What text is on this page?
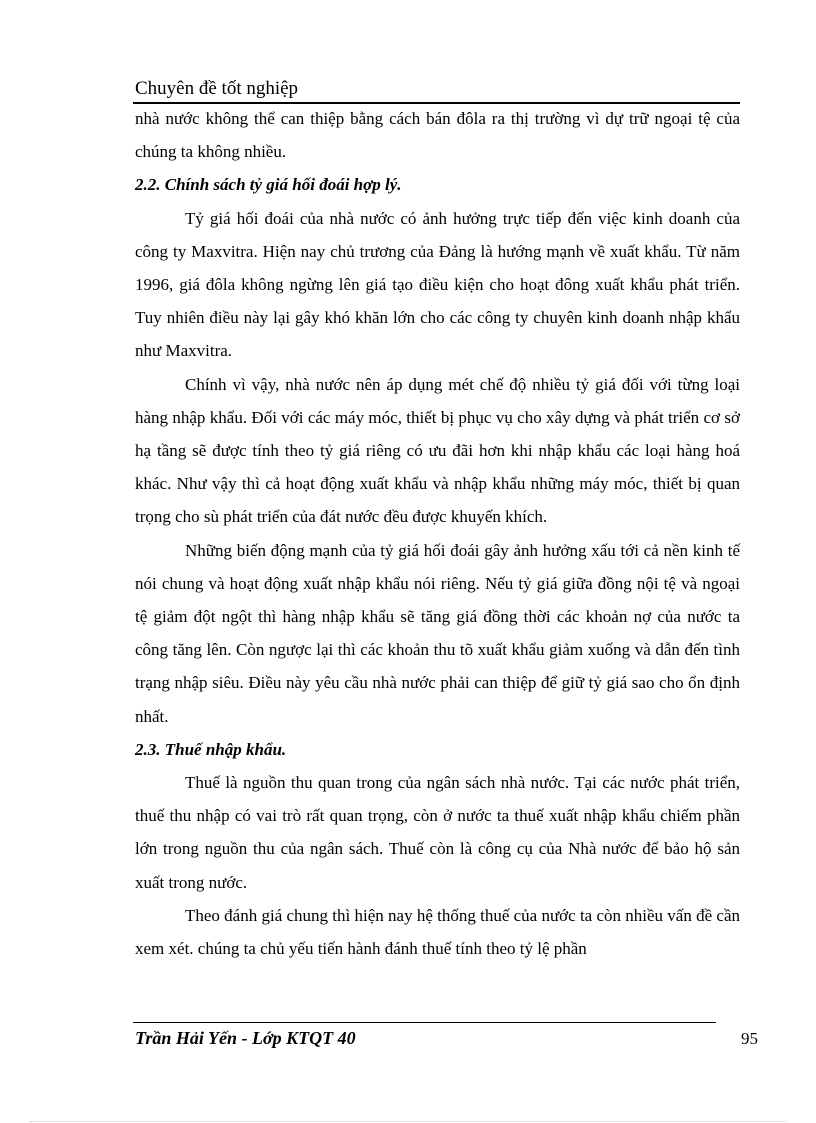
Chuyên đề tốt nghiệp

nhà nước không thể can thiệp bằng cách bán đôla ra thị trường vì dự trữ ngoại tệ của chúng ta không nhiều.

2.2. Chính sách tỷ giá hối đoái hợp lý.

Tỷ giá hối đoái của nhà nước có ảnh hưởng trực tiếp đến việc kinh doanh của công ty Maxvitra. Hiện nay chủ trương của Đảng là hướng mạnh về xuất khẩu. Từ năm 1996, giá đôla không ngừng lên giá tạo điều kiện cho hoạt đông xuất khẩu phát triển. Tuy nhiên điều này lại gây khó khăn lớn cho các công ty chuyên kinh doanh nhập khẩu như Maxvitra.

Chính vì vậy, nhà nước nên áp dụng mét chế độ nhiều tỷ giá đối với từng loại hàng nhập khẩu. Đối với các máy móc, thiết bị phục vụ cho xây dựng và phát triển cơ sở hạ tầng sẽ được tính theo tỷ giá riêng có ưu đãi hơn khi nhập khẩu các loại hàng hoá khác. Như vậy thì cả hoạt động xuất khẩu và nhập khẩu những máy móc, thiết bị quan trọng cho sù phát triển của đát nước đều được khuyến khích.

Những biến động mạnh của tỷ giá hối đoái gây ảnh hưởng xấu tới cả nền kinh tế nói chung và hoạt động xuất nhập khẩu nói riêng. Nếu tỷ giá giữa đồng nội tệ và ngoại tệ giảm đột ngột thì hàng nhập khẩu sẽ tăng giá đồng thời các khoản nợ của nước ta công tăng lên. Còn ngược lại thì các khoản thu tõ xuất khẩu giảm xuống và dẫn đến tình trạng nhập siêu. Điều này yêu cầu nhà nước phải can thiệp để giữ tỷ giá sao cho ổn định nhất.

2.3. Thuế nhập khẩu.

Thuế là nguồn thu quan trong của ngân sách nhà nước. Tại các nước phát triển, thuế thu nhập có vai trò rất quan trọng, còn ở nước ta thuế xuất nhập khẩu chiếm phần lớn trong nguồn thu của ngân sách. Thuế còn là công cụ của Nhà nước để bảo hộ sản xuất trong nước.

Theo đánh giá chung thì hiện nay hệ thống thuế của nước ta còn nhiều vấn đề cần xem xét. chúng ta chủ yếu tiến hành đánh thuế tính theo tỷ lệ phần

Trần Hải Yến - Lớp KTQT 40	95
